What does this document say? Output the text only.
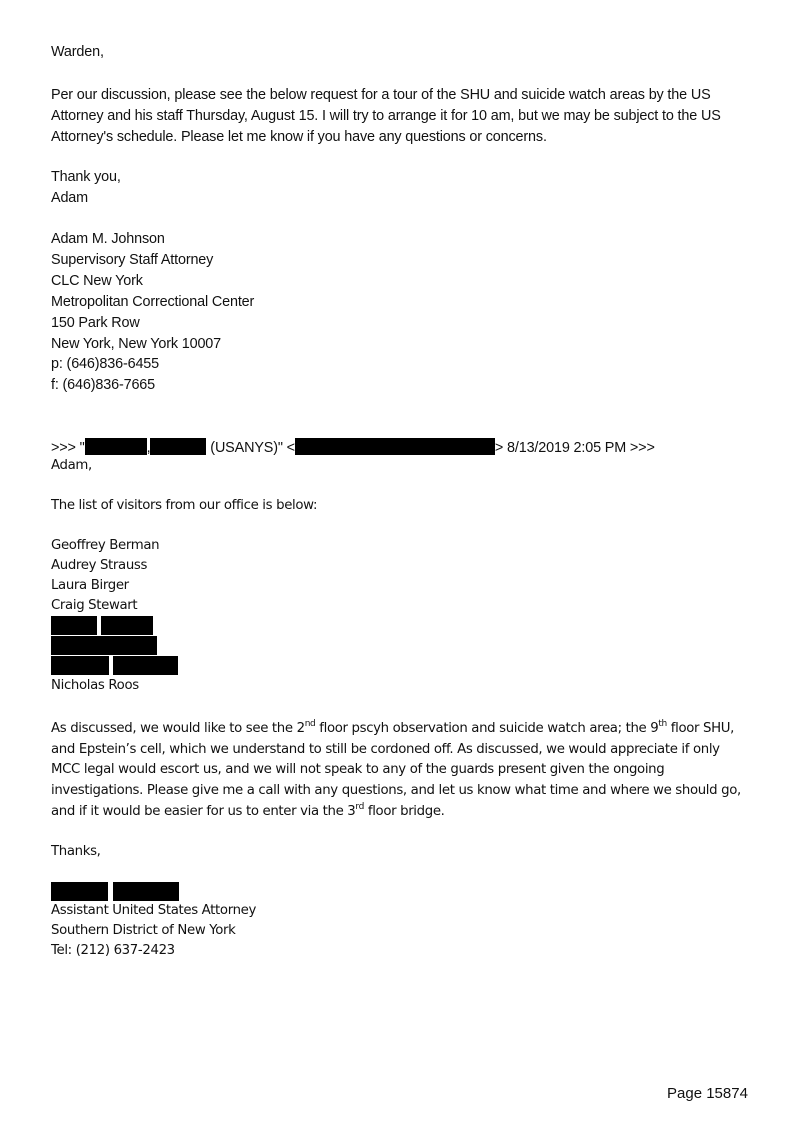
Warden,
Per our discussion, please see the below request for a tour of the SHU and suicide watch areas by the US Attorney and his staff Thursday, August 15. I will try to arrange it for 10 am, but we may be subject to the US Attorney's schedule. Please let me know if you have any questions or concerns.
Thank you,
Adam
Adam M. Johnson
Supervisory Staff Attorney
CLC New York
Metropolitan Correctional Center
150 Park Row
New York, New York 10007
p: (646)836-6455
f: (646)836-7665
>>> "	,	(USANYS)" <	> 8/13/2019 2:05 PM >>>
Adam,
The list of visitors from our office is below:
Geoffrey Berman
Audrey Strauss
Laura Birger
Craig Stewart
Nicholas Roos
As discussed, we would like to see the 2nd floor pscyh observation and suicide watch area; the 9th floor SHU, and Epstein’s cell, which we understand to still be cordoned off. As discussed, we would appreciate if only MCC legal would escort us, and we will not speak to any of the guards present given the ongoing investigations. Please give me a call with any questions, and let us know what time and where we should go, and if it would be easier for us to enter via the 3rd floor bridge.
Thanks,
Assistant United States Attorney
Southern District of New York
Tel: (212) 637-2423
Page 15874
